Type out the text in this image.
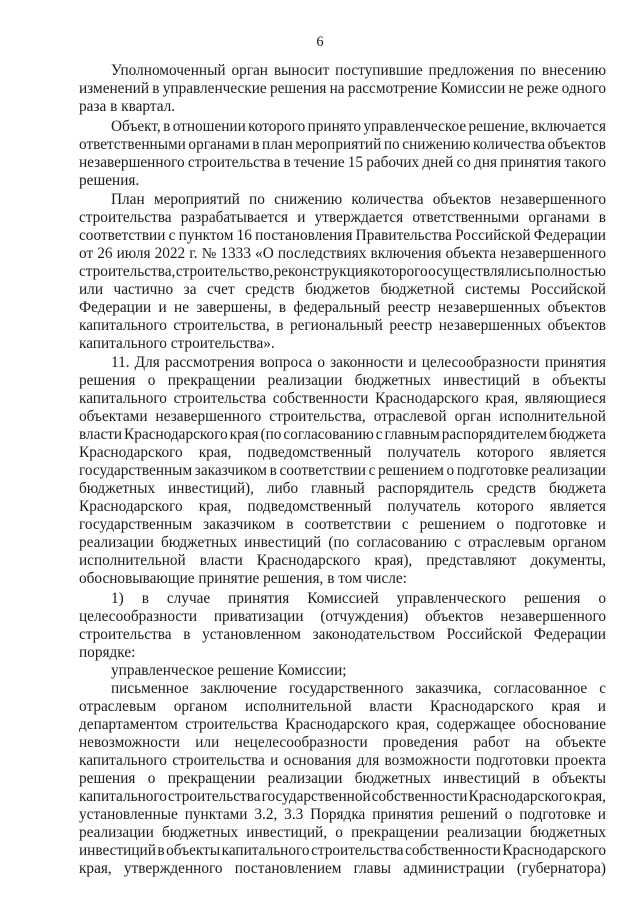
6
Уполномоченный орган выносит поступившие предложения по внесению
изменений в управленческие решения на рассмотрение Комиссии не реже одного
раза в квартал.
Объект, в отношении которого принято управленческое решение, включается
ответственными органами в план мероприятий по снижению количества объектов
незавершенного строительства в течение 15 рабочих дней со дня принятия такого
решения.
План мероприятий по снижению количества объектов незавершенного
строительства разрабатывается и утверждается ответственными органами в
соответствии с пунктом 16 постановления Правительства Российской Федерации
от 26 июля 2022 г. № 1333 «О последствиях включения объекта незавершенного
строительства, строительство, реконструкция которого осуществлялись полностью
или частично за счет средств бюджетов бюджетной системы Российской
Федерации и не завершены, в федеральный реестр незавершенных объектов
капитального строительства, в региональный реестр незавершенных объектов
капитального строительства».
11. Для рассмотрения вопроса о законности и целесообразности принятия
решения о прекращении реализации бюджетных инвестиций в объекты
капитального строительства собственности Краснодарского края, являющиеся
объектами незавершенного строительства, отраслевой орган исполнительной
власти Краснодарского края (по согласованию с главным распорядителем бюджета
Краснодарского края, подведомственный получатель которого является
государственным заказчиком в соответствии с решением о подготовке реализации
бюджетных инвестиций), либо главный распорядитель средств бюджета
Краснодарского края, подведомственный получатель которого является
государственным заказчиком в соответствии с решением о подготовке и
реализации бюджетных инвестиций (по согласованию с отраслевым органом
исполнительной власти Краснодарского края), представляют документы,
обосновывающие принятие решения, в том числе:
1) в случае принятия Комиссией управленческого решения о
целесообразности приватизации (отчуждения) объектов незавершенного
строительства в установленном законодательством Российской Федерации
порядке:
управленческое решение Комиссии;
письменное заключение государственного заказчика, согласованное с
отраслевым органом исполнительной власти Краснодарского края и
департаментом строительства Краснодарского края, содержащее обоснование
невозможности или нецелесообразности проведения работ на объекте
капитального строительства и основания для возможности подготовки проекта
решения о прекращении реализации бюджетных инвестиций в объекты
капитального строительства государственной собственности Краснодарского края,
установленные пунктами 3.2, 3.3 Порядка принятия решений о подготовке и
реализации бюджетных инвестиций, о прекращении реализации бюджетных
инвестиций в объекты капитального строительства собственности Краснодарского
края, утвержденного постановлением главы администрации (губернатора)
